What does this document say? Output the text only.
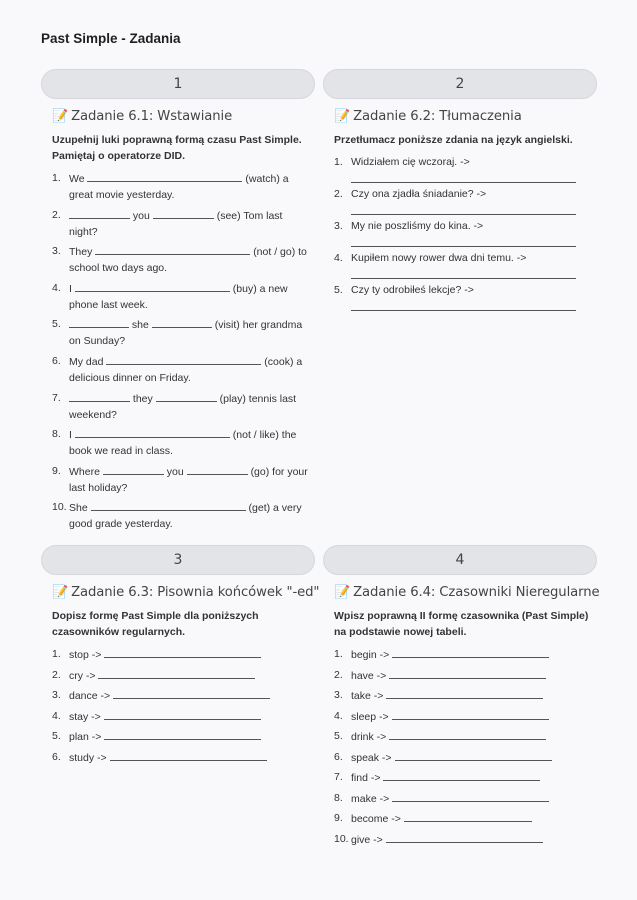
Past Simple - Zadania
1
📝 Zadanie 6.1: Wstawianie
Uzupełnij luki poprawną formą czasu Past Simple. Pamiętaj o operatorze DID.
1. We	(watch) a great movie yesterday.
2.	you	(see) Tom last night?
3. They	(not / go) to school two days ago.
4. I	(buy) a new phone last week.
5.	she	(visit) her grandma on Sunday?
6. My dad	(cook) a delicious dinner on Friday.
7.	they	(play) tennis last weekend?
8. I	(not / like) the book we read in class.
9. Where	you	(go) for your last holiday?
10. She	(get) a very good grade yesterday.
2
📝 Zadanie 6.2: Tłumaczenia
Przetłumacz poniższe zdania na język angielski.
1. Widziałem cię wczoraj. ->
2. Czy ona zjadła śniadanie? ->
3. My nie poszliśmy do kina. ->
4. Kupiłem nowy rower dwa dni temu. ->
5. Czy ty odrobiłeś lekcje? ->
3
📝 Zadanie 6.3: Pisownia końcówek "-ed"
Dopisz formę Past Simple dla poniższych czasowników regularnych.
1. stop ->
2. cry ->
3. dance ->
4. stay ->
5. plan ->
6. study ->
4
📝 Zadanie 6.4: Czasowniki Nieregularne
Wpisz poprawną II formę czasownika (Past Simple) na podstawie nowej tabeli.
1. begin ->
2. have ->
3. take ->
4. sleep ->
5. drink ->
6. speak ->
7. find ->
8. make ->
9. become ->
10. give ->
